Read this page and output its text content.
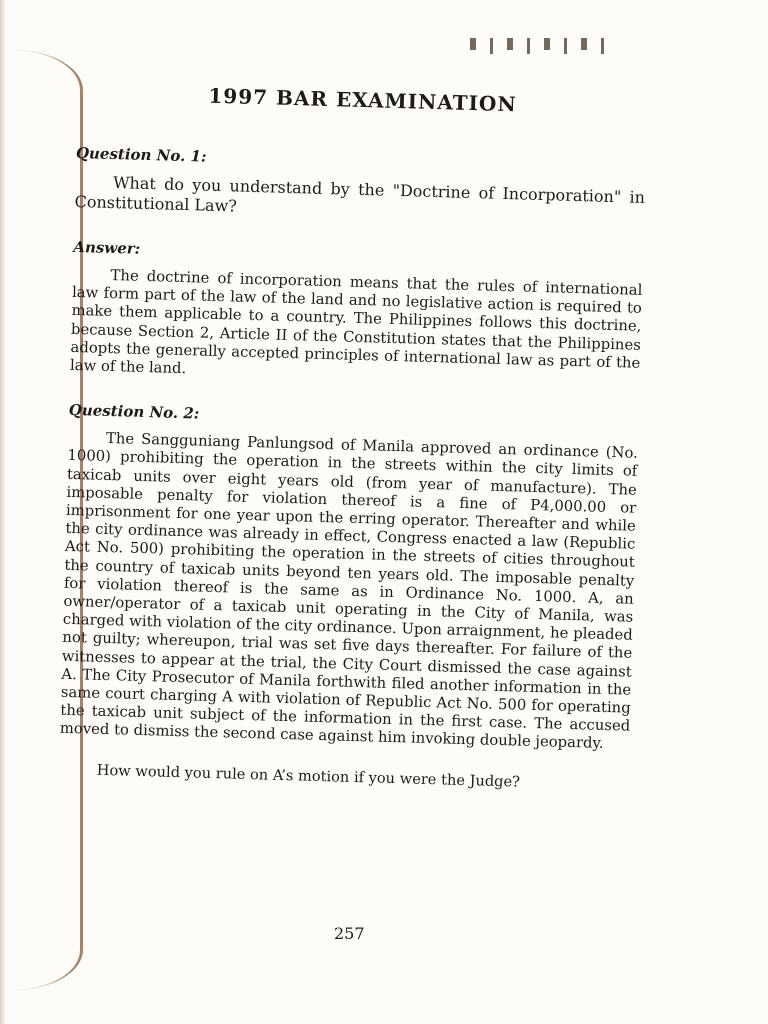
1997 BAR EXAMINATION
Question No. 1:

What do you understand by the "Doctrine of Incorporation" in Constitutional Law?

Answer:

The doctrine of incorporation means that the rules of international law form part of the law of the land and no legislative action is required to make them applicable to a country. The Philippines follows this doctrine, because Section 2, Article II of the Constitution states that the Philippines adopts the generally accepted principles of international law as part of the law of the land.

Question No. 2:

The Sangguniang Panlungsod of Manila approved an ordinance (No. 1000) prohibiting the operation in the streets within the city limits of taxicab units over eight years old (from year of manufacture). The imposable penalty for violation thereof is a fine of P4,000.00 or imprisonment for one year upon the erring operator. Thereafter and while the city ordinance was already in effect, Congress enacted a law (Republic Act No. 500) prohibiting the operation in the streets of cities throughout the country of taxicab units beyond ten years old. The imposable penalty for violation thereof is the same as in Ordinance No. 1000. A, an owner/operator of a taxicab unit operating in the City of Manila, was charged with violation of the city ordinance. Upon arraignment, he pleaded not guilty; whereupon, trial was set five days thereafter. For failure of the witnesses to appear at the trial, the City Court dismissed the case against A. The City Prosecutor of Manila forthwith filed another information in the same court charging A with violation of Republic Act No. 500 for operating the taxicab unit subject of the information in the first case. The accused moved to dismiss the second case against him invoking double jeopardy.

How would you rule on A’s motion if you were the Judge?

257
